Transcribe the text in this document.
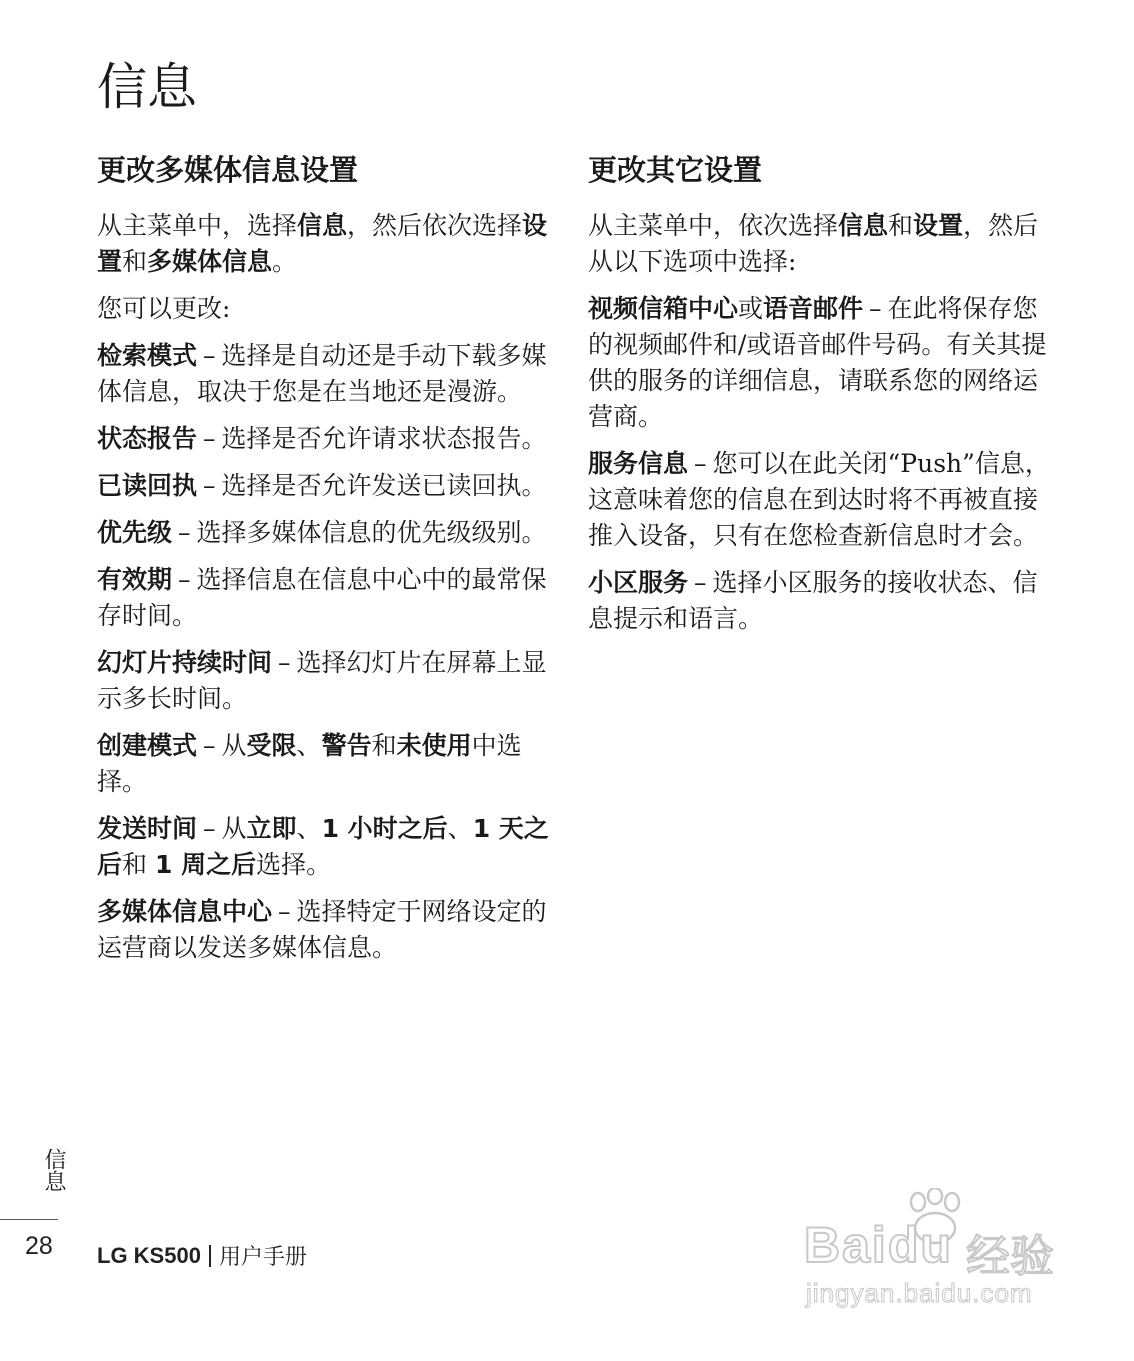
信息
更改多媒体信息设置

从主菜单中，选择信息，然后依次选择设置和多媒体信息。

您可以更改:

检索模式 – 选择是自动还是手动下载多媒体信息，取决于您是在当地还是漫游。

状态报告 – 选择是否允许请求状态报告。

已读回执 – 选择是否允许发送已读回执。

优先级 – 选择多媒体信息的优先级级别。

有效期 – 选择信息在信息中心中的最常保存时间。

幻灯片持续时间 – 选择幻灯片在屏幕上显示多长时间。

创建模式 – 从受限、警告和未使用中选择。

发送时间 – 从立即、1 小时之后、1 天之后和 1 周之后选择。

多媒体信息中心 – 选择特定于网络设定的运营商以发送多媒体信息。

更改其它设置

从主菜单中，依次选择信息和设置，然后从以下选项中选择:

视频信箱中心或语音邮件 – 在此将保存您的视频邮件和/或语音邮件号码。有关其提供的服务的详细信息，请联系您的网络运营商。

服务信息 – 您可以在此关闭“Push”信息，这意味着您的信息在到达时将不再被直接推入设备，只有在您检查新信息时才会。

小区服务 – 选择小区服务的接收状态、信息提示和语言。

信息
28 LG KS500 用户手册	Baidu 经验
jingyan.baidu.com
